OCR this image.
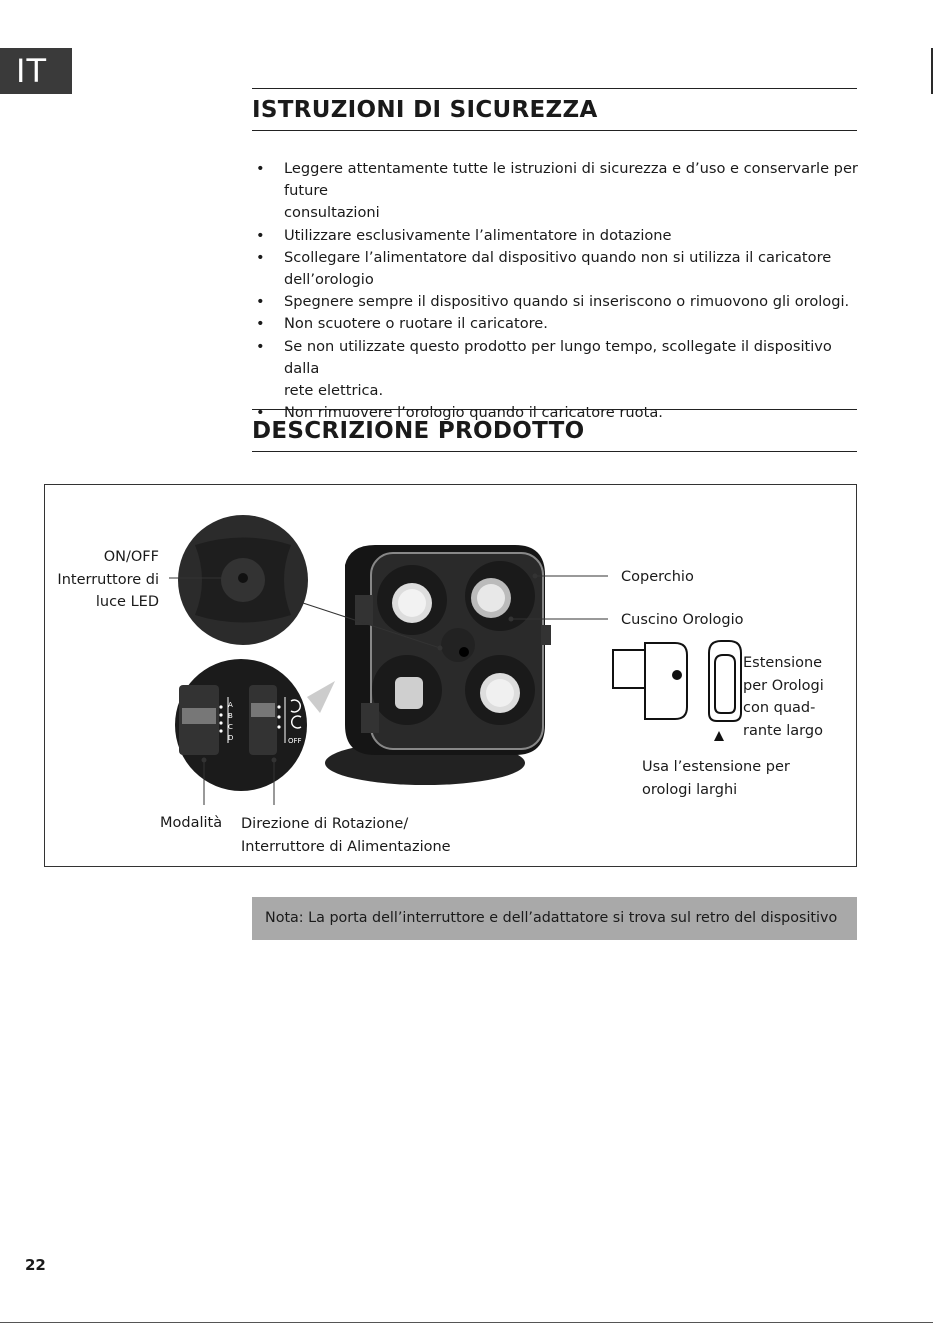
IT
ISTRUZIONI DI SICUREZZA
• Leggere attentamente tutte le istruzioni di sicurezza e d’uso e conservarle per future
consultazioni
• Utilizzare esclusivamente l’alimentatore in dotazione
• Scollegare l’alimentatore dal dispositivo quando non si utilizza il caricatore
dell’orologio
• Spegnere sempre il dispositivo quando si inseriscono o rimuovono gli orologi.
• Non scuotere o ruotare il caricatore.
• Se non utilizzate questo prodotto per lungo tempo, scollegate il dispositivo dalla
rete elettrica.
• Non rimuovere l’orologio quando il caricatore ruota.
DESCRIZIONE PRODOTTO
A
B
C
D	OFF
ON/OFF
Interruttore di
luce LED
Coperchio
Cuscino Orologio
Estensione
per Orologi
con quad-
rante largo
Usa l’estensione per
orologi larghi
Modalità Direzione di Rotazione/
Interruttore di Alimentazione
Nota: La porta dell’interruttore e dell’adattatore si trova sul retro del dispositivo
22
